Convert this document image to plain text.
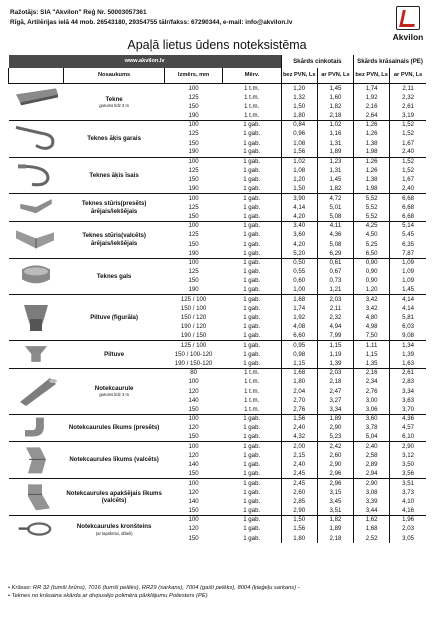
Ražotājs: SIA "Akvilon" Reģ Nr. 50003057361
Rīgā, Artilērijas ielā 44 mob. 26543180, 29354755 tālr/fakss: 67290344, e-mail: info@akvilon.lv
Akvilon
Apaļā lietus ūdens noteksistēma
www.akvilon.lv				Skārds cinkotais		Skārds krāsainais (PE)	
	Nosaukums	Izmērs, mm	Mērv.	bez PVN, Ls	ar PVN, Ls	bez PVN, Ls	ar PVN, Ls

	Tekne
garums līdz 3 m	100	1 t.m.	1,20	1,45	1,74	2,11
		125	1 t.m.	1,32	1,60	1,92	2,32
		150	1 t.m.	1,50	1,82	2,16	2,61
		190	1 t.m.	1,80	2,18	2,64	3,19

	Teknes āķis garais	100	1 gab.	0,84	1,02	1,26	1,52
		125	1 gab.	0,96	1,16	1,26	1,52
		150	1 gab.	1,08	1,31	1,38	1,67
		190	1 gab.	1,56	1,89	1,98	2,40

	Teknes āķis īsais	100	1 gab.	1,02	1,23	1,26	1,52
		125	1 gab.	1,08	1,31	1,26	1,52
		150	1 gab.	1,20	1,45	1,38	1,67
		190	1 gab.	1,50	1,82	1,98	2,40

	Teknes stūris(presēts) ārējais/iekšējais	100	1 gab.	3,90	4,72	5,52	6,68
		125	1 gab.	4,14	5,01	5,52	6,68
		150	1 gab.	4,20	5,08	5,52	6,68

	Teknes stūris(valcēts) ārējais/iekšējais	100	1 gab.	3,40	4,11	4,25	5,14
		125	1 gab.	3,60	4,36	4,50	5,45
		150	1 gab.	4,20	5,08	5,25	6,35
		190	1 gab.	5,20	6,29	6,50	7,87

	Teknes gals	100	1 gab.	0,50	0,61	0,90	1,09
		125	1 gab.	0,55	0,67	0,90	1,09
		150	1 gab.	0,60	0,73	0,90	1,09
		190	1 gab.	1,00	1,21	1,20	1,45

	Piltuve (figurāla)	125 / 100	1 gab.	1,68	2,03	3,42	4,14
		150 / 100	1 gab.	1,74	2,11	3,42	4,14
		150 / 120	1 gab.	1,92	2,32	4,80	5,81
		190 / 120	1 gab.	4,08	4,94	4,98	6,03
		190 / 150	1 gab.	6,60	7,99	7,50	9,08

	Piltuve	125 / 100	1 gab.	0,95	1,15	1,11	1,34
		150 / 100-120	1 gab.	0,98	1,19	1,15	1,39
		190 / 150-120	1 gab.	1,15	1,39	1,35	1,63

	Notekcaurule
garums līdz 3 m	80	1 t.m.	1,68	2,03	2,16	2,61
		100	1 t.m.	1,80	2,18	2,34	2,83
		120	1 t.m.	2,04	2,47	2,76	3,34
		140	1 t.m.	2,70	3,27	3,00	3,63
		150	1 t.m.	2,76	3,34	3,06	3,70

	Notekcaurules līkums (presēts)	100	1 gab.	1,56	1,89	3,60	4,36
		120	1 gab.	2,40	2,90	3,78	4,57
		150	1 gab.	4,32	5,23	5,04	6,10

	Notekcaurules līkums (valcēts)	100	1 gab.	2,00	2,42	2,40	2,90
		120	1 gab.	2,15	2,60	2,58	3,12
		140	1 gab.	2,40	2,90	2,89	3,50
		150	1 gab.	2,45	2,96	2,94	3,56

	Notekcaurules apakšējais līkums (valcēts)	100	1 gab.	2,45	2,96	2,90	3,51
		120	1 gab.	2,60	3,15	3,08	3,73
		140	1 gab.	2,85	3,45	3,39	4,10
		150	1 gab.	2,90	3,51	3,44	4,16

	Notekcaurules kronšteins
(ar tapskrūvi, dībeli)	100	1 gab.	1,50	1,82	1,62	1,96
		120	1 gab.	1,56	1,89	1,68	2,03
		150	1 gab.	1,80	2,18	2,52	3,05
• Krāsas: RR 32 (tumši brūns), 7016 (tumši pelēks), RR29 (sarkans), 7004 (gaiši pelēks), 8004 (ķieģeļu sarkans) -
• Teknes no krāsaina skārda ar divpusējo polimēra pārklājumu Poliesters (PE)
